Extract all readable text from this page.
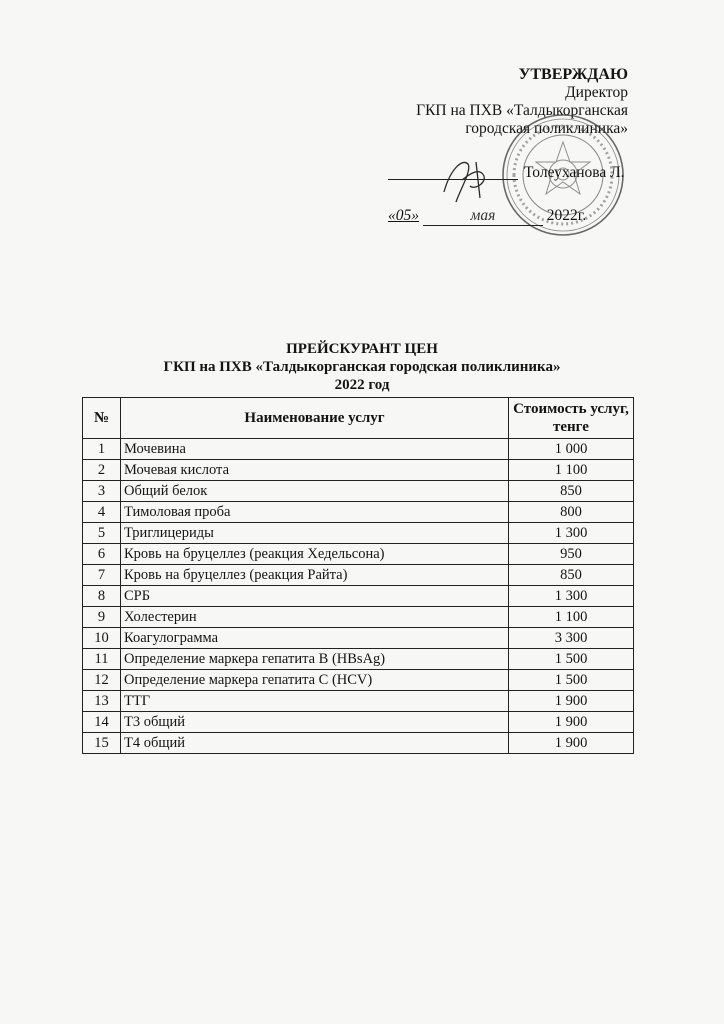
УТВЕРЖДАЮ
Директор
ГКП на ПХВ «Талдыкорганская
городская поликлиника»
Толеуханова Л.
«05»	мая	2022г.
ПРЕЙСКУРАНТ ЦЕН
ГКП на ПХВ «Талдыкорганская городская поликлиника»
2022 год
№	Наименование услуг	Стоимость услуг, тенге
1	Мочевина	1 000
2	Мочевая кислота	1 100
3	Общий белок	850
4	Тимоловая проба	800
5	Триглицериды	1 300
6	Кровь на бруцеллез (реакция Хедельсона)	950
7	Кровь на бруцеллез (реакция Райта)	850
8	СРБ	1 300
9	Холестерин	1 100
10	Коагулограмма	3 300
11	Определение маркера гепатита В (HBsAg)	1 500
12	Определение маркера гепатита С (HCV)	1 500
13	ТТГ	1 900
14	Т3 общий	1 900
15	Т4 общий	1 900
